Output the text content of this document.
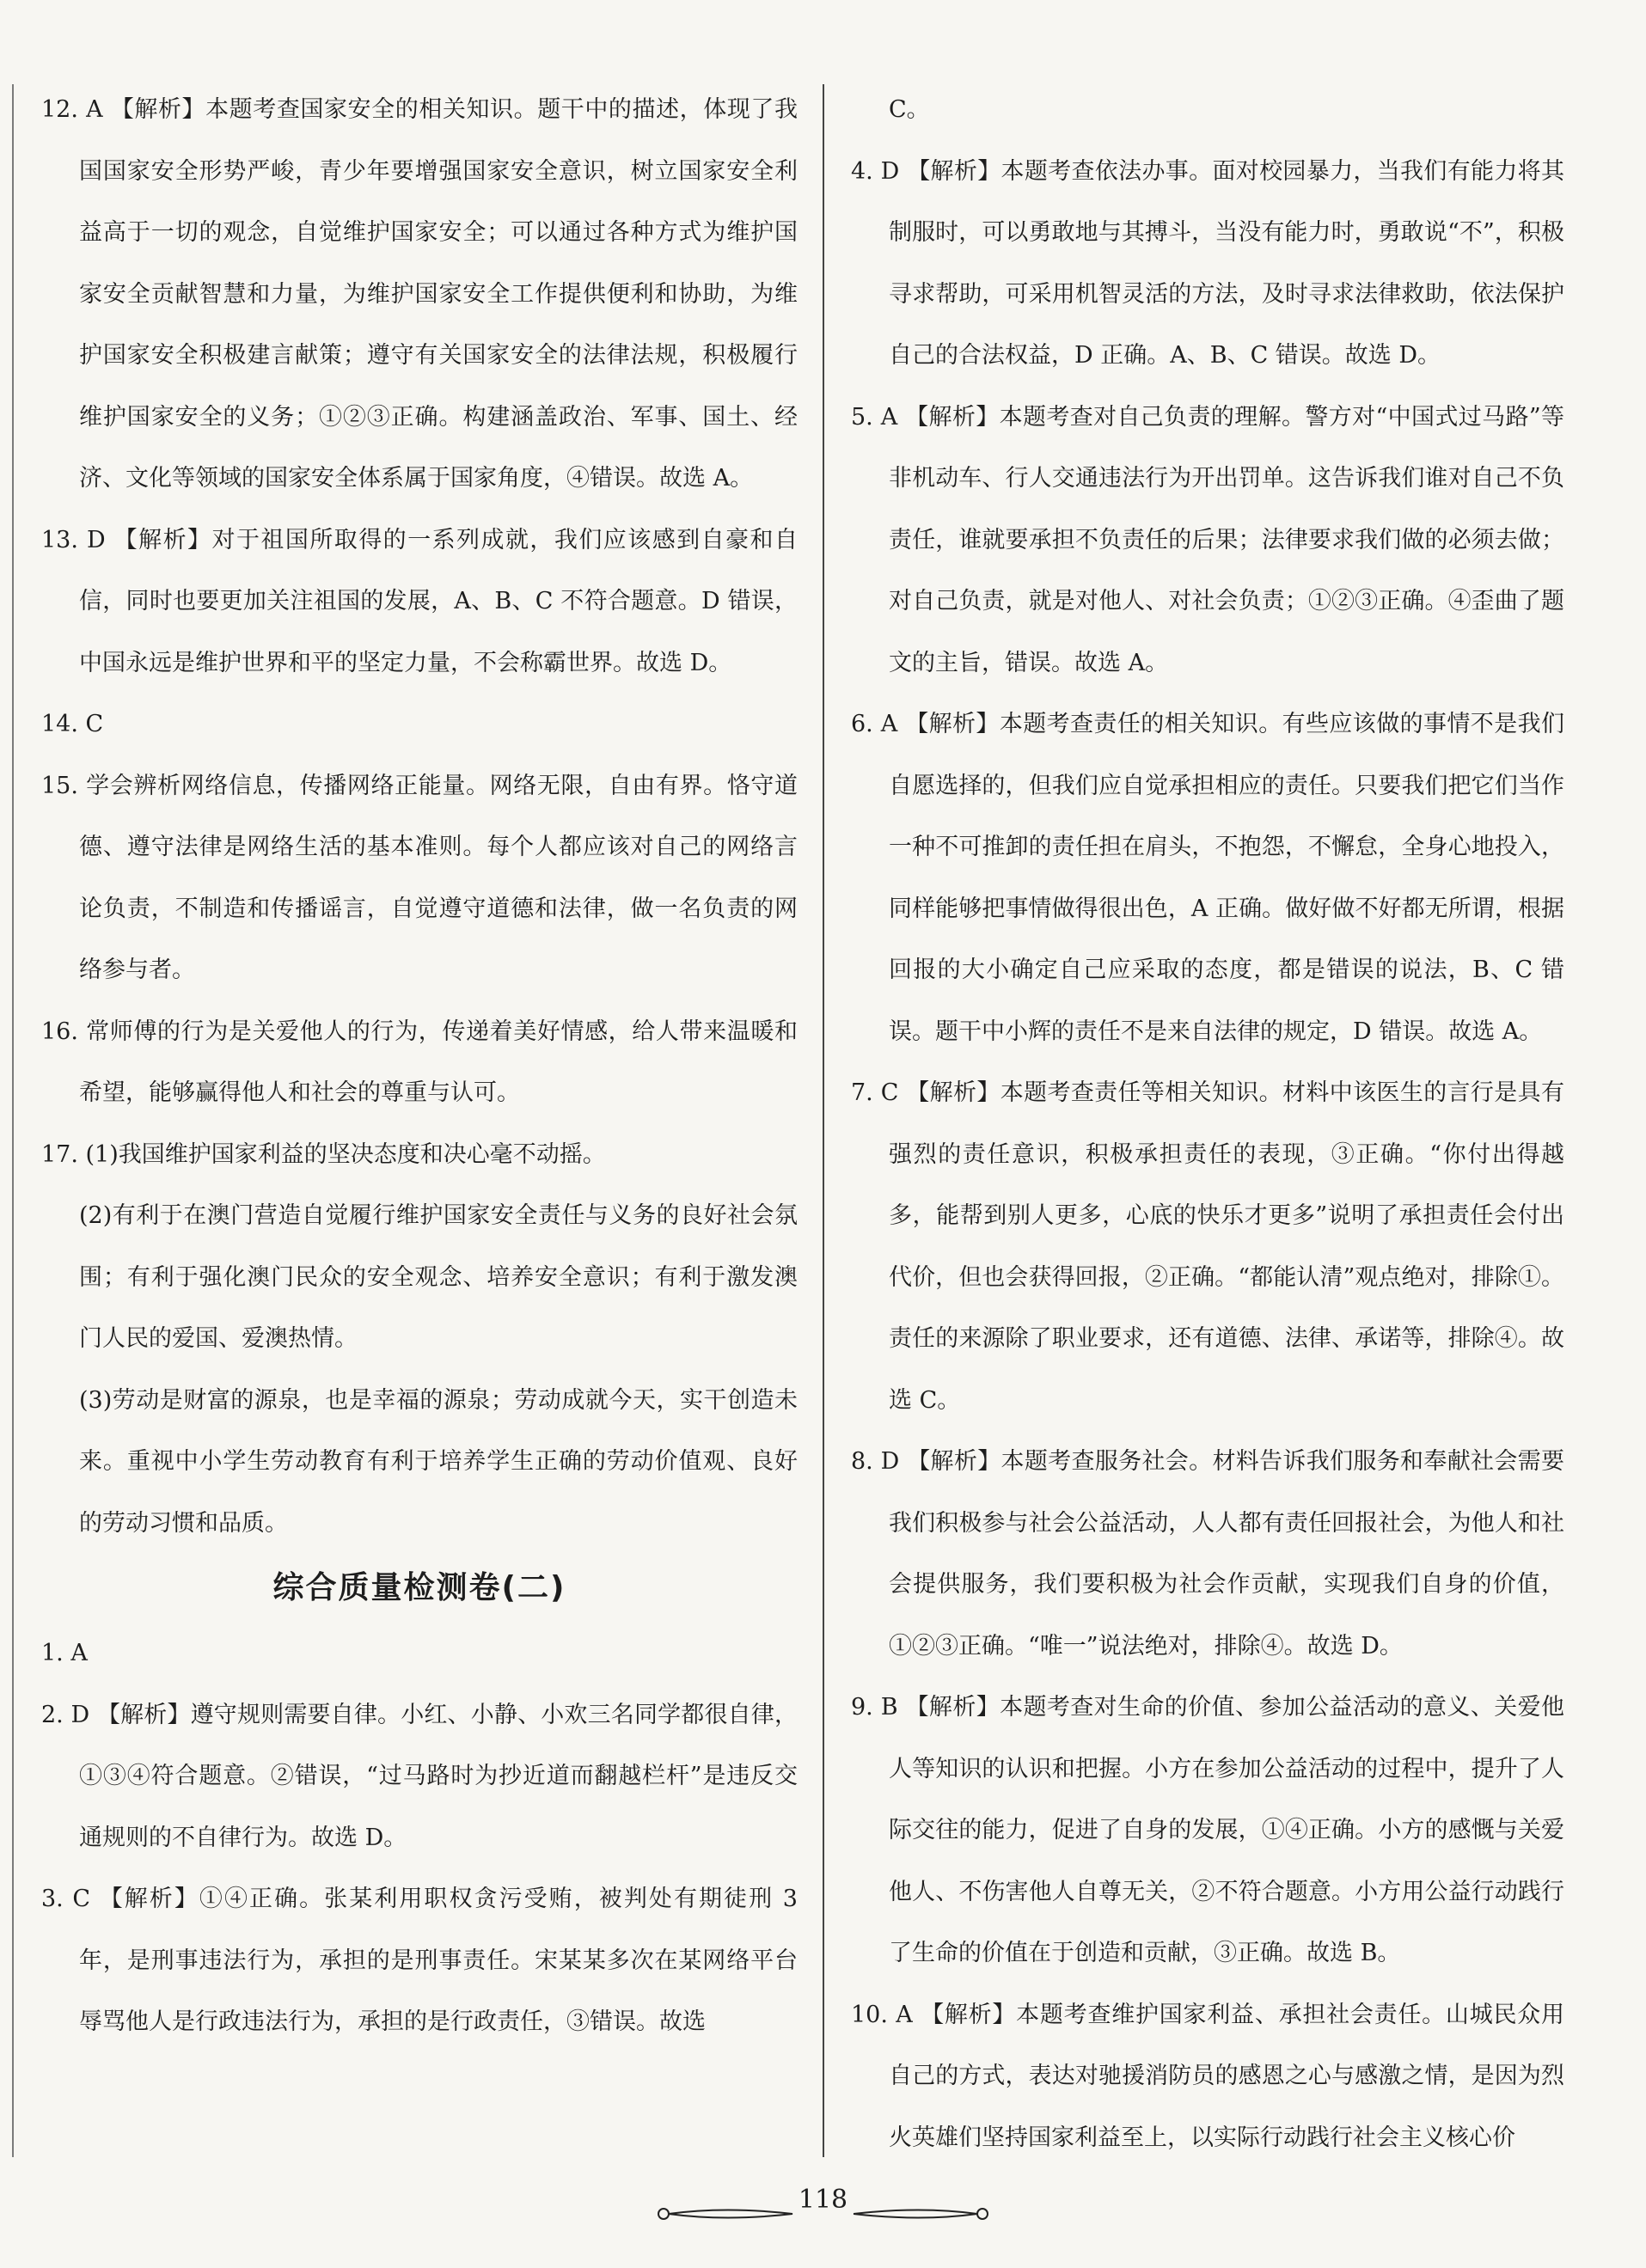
12. A 【解析】本题考查国家安全的相关知识。题干中的描述，体现了我国国家安全形势严峻，青少年要增强国家安全意识，树立国家安全利益高于一切的观念，自觉维护国家安全；可以通过各种方式为维护国家安全贡献智慧和力量，为维护国家安全工作提供便利和协助，为维护国家安全积极建言献策；遵守有关国家安全的法律法规，积极履行维护国家安全的义务；①②③正确。构建涵盖政治、军事、国土、经济、文化等领域的国家安全体系属于国家角度，④错误。故选 A。

13. D 【解析】对于祖国所取得的一系列成就，我们应该感到自豪和自信，同时也要更加关注祖国的发展，A、B、C 不符合题意。D 错误，中国永远是维护世界和平的坚定力量，不会称霸世界。故选 D。

14. C

15. 学会辨析网络信息，传播网络正能量。网络无限，自由有界。恪守道德、遵守法律是网络生活的基本准则。每个人都应该对自己的网络言论负责，不制造和传播谣言，自觉遵守道德和法律，做一名负责的网络参与者。

16. 常师傅的行为是关爱他人的行为，传递着美好情感，给人带来温暖和希望，能够赢得他人和社会的尊重与认可。

17. (1)我国维护国家利益的坚决态度和决心毫不动摇。

(2)有利于在澳门营造自觉履行维护国家安全责任与义务的良好社会氛围；有利于强化澳门民众的安全观念、培养安全意识；有利于激发澳门人民的爱国、爱澳热情。

(3)劳动是财富的源泉，也是幸福的源泉；劳动成就今天，实干创造未来。重视中小学生劳动教育有利于培养学生正确的劳动价值观、良好的劳动习惯和品质。

综合质量检测卷(二)

1. A

2. D 【解析】遵守规则需要自律。小红、小静、小欢三名同学都很自律，①③④符合题意。②错误，“过马路时为抄近道而翻越栏杆”是违反交通规则的不自律行为。故选 D。

3. C 【解析】①④正确。张某利用职权贪污受贿，被判处有期徒刑 3 年，是刑事违法行为，承担的是刑事责任。宋某某多次在某网络平台辱骂他人是行政违法行为，承担的是行政责任，③错误。故选

C。

4. D 【解析】本题考查依法办事。面对校园暴力，当我们有能力将其制服时，可以勇敢地与其搏斗，当没有能力时，勇敢说“不”，积极寻求帮助，可采用机智灵活的方法，及时寻求法律救助，依法保护自己的合法权益，D 正确。A、B、C 错误。故选 D。

5. A 【解析】本题考查对自己负责的理解。警方对“中国式过马路”等非机动车、行人交通违法行为开出罚单。这告诉我们谁对自己不负责任，谁就要承担不负责任的后果；法律要求我们做的必须去做；对自己负责，就是对他人、对社会负责；①②③正确。④歪曲了题文的主旨，错误。故选 A。

6. A 【解析】本题考查责任的相关知识。有些应该做的事情不是我们自愿选择的，但我们应自觉承担相应的责任。只要我们把它们当作一种不可推卸的责任担在肩头，不抱怨，不懈怠，全身心地投入，同样能够把事情做得很出色，A 正确。做好做不好都无所谓，根据回报的大小确定自己应采取的态度，都是错误的说法，B、C 错误。题干中小辉的责任不是来自法律的规定，D 错误。故选 A。

7. C 【解析】本题考查责任等相关知识。材料中该医生的言行是具有强烈的责任意识，积极承担责任的表现，③正确。“你付出得越多，能帮到别人更多，心底的快乐才更多”说明了承担责任会付出代价，但也会获得回报，②正确。“都能认清”观点绝对，排除①。责任的来源除了职业要求，还有道德、法律、承诺等，排除④。故选 C。

8. D 【解析】本题考查服务社会。材料告诉我们服务和奉献社会需要我们积极参与社会公益活动，人人都有责任回报社会，为他人和社会提供服务，我们要积极为社会作贡献，实现我们自身的价值，①②③正确。“唯一”说法绝对，排除④。故选 D。

9. B 【解析】本题考查对生命的价值、参加公益活动的意义、关爱他人等知识的认识和把握。小方在参加公益活动的过程中，提升了人际交往的能力，促进了自身的发展，①④正确。小方的感慨与关爱他人、不伤害他人自尊无关，②不符合题意。小方用公益行动践行了生命的价值在于创造和贡献，③正确。故选 B。

10. A 【解析】本题考查维护国家利益、承担社会责任。山城民众用自己的方式，表达对驰援消防员的感恩之心与感激之情，是因为烈火英雄们坚持国家利益至上，以实际行动践行社会主义核心价

118
